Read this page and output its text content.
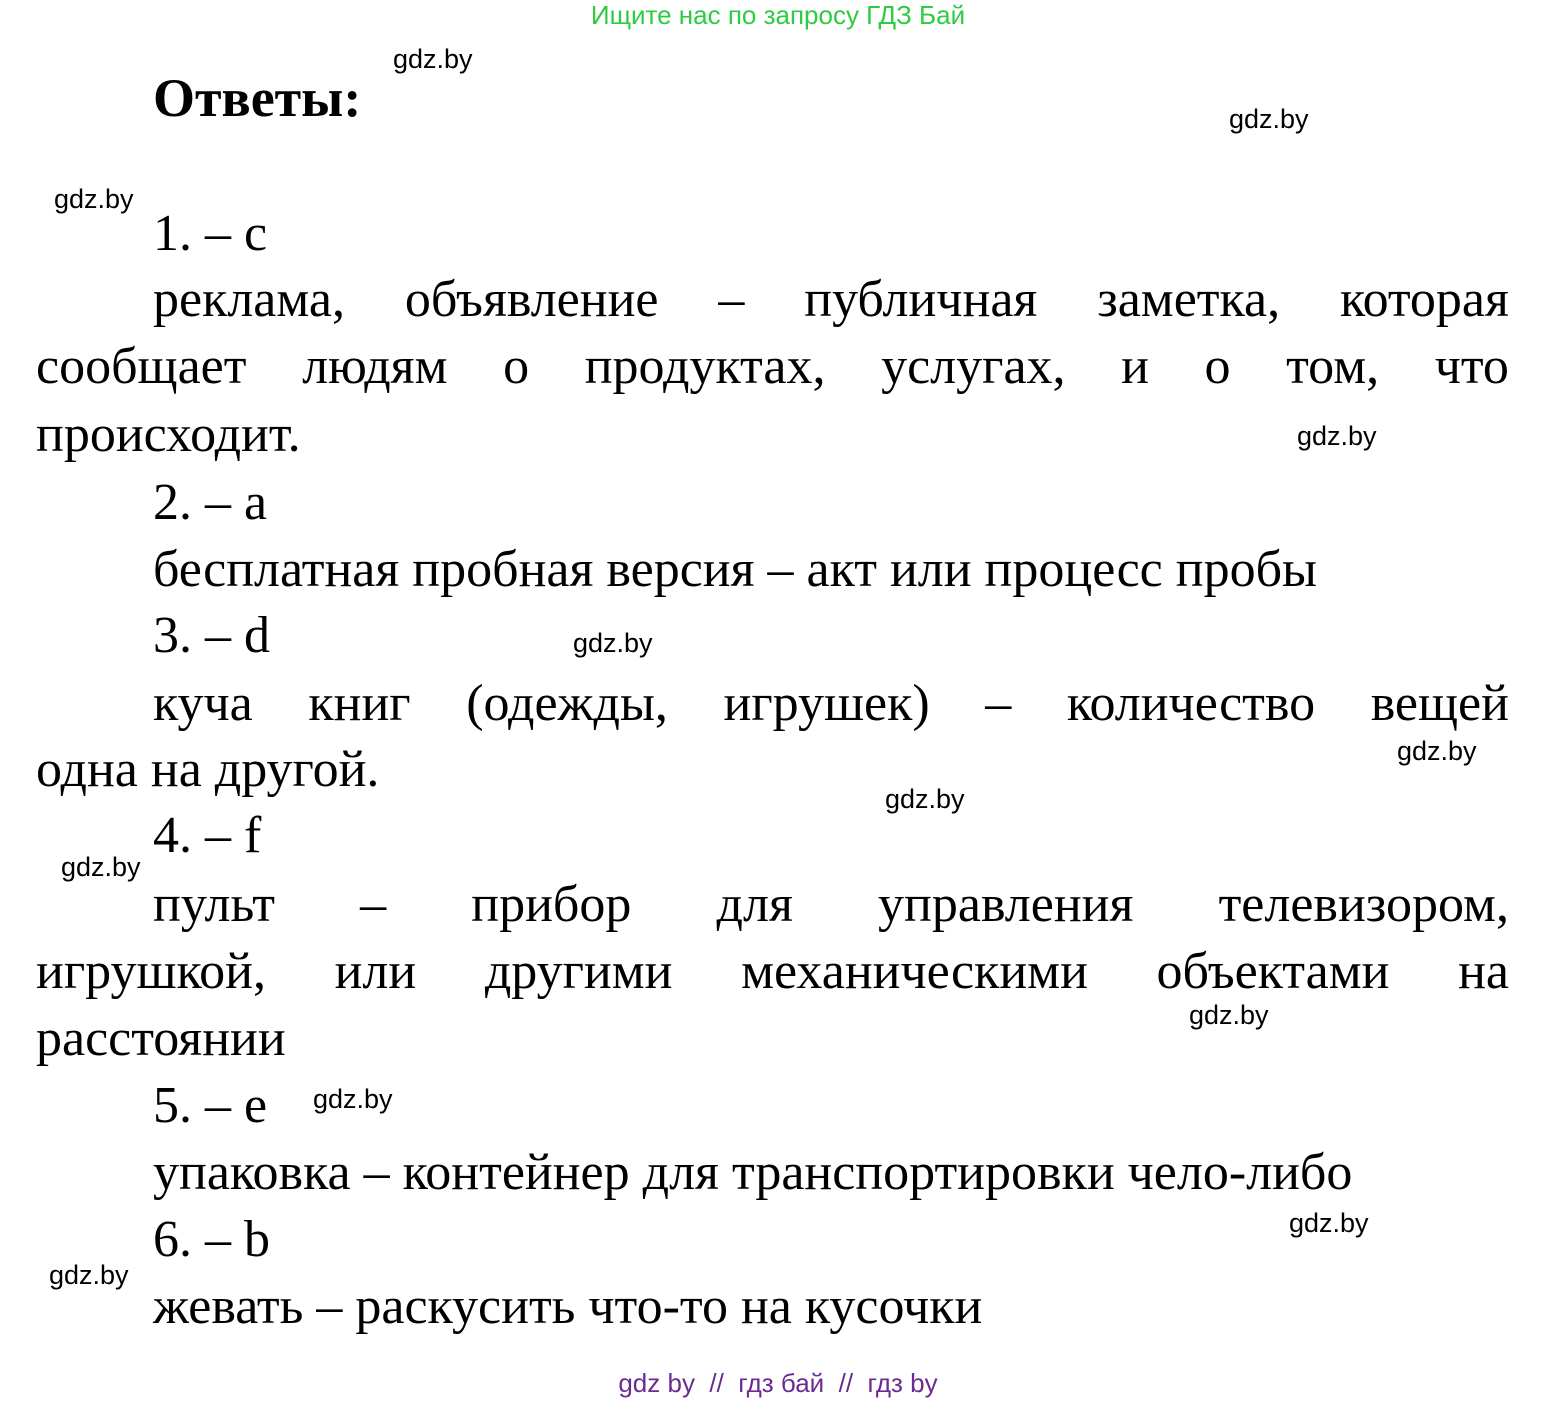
Ищите нас по запросу ГДЗ Бай
Ответы:
1. – c
реклама, объявление – публичная заметка, которая
сообщает людям о продуктах, услугах, и о том, что
происходит.
2. – a
бесплатная пробная версия – акт или процесс пробы
3. – d
куча книг (одежды, игрушек) – количество вещей
одна на другой.
4. – f
пульт – прибор для управления телевизором,
игрушкой, или другими механическими объектами на
расстоянии
5. – e
упаковка – контейнер для транспортировки чело-либо
6. – b
жевать – раскусить что-то на кусочки
gdz.by
gdz.by
gdz.by
gdz.by
gdz.by
gdz.by
gdz.by
gdz.by
gdz.by
gdz.by
gdz.by
gdz.by
gdz by  //  гдз бай  //  гдз by
